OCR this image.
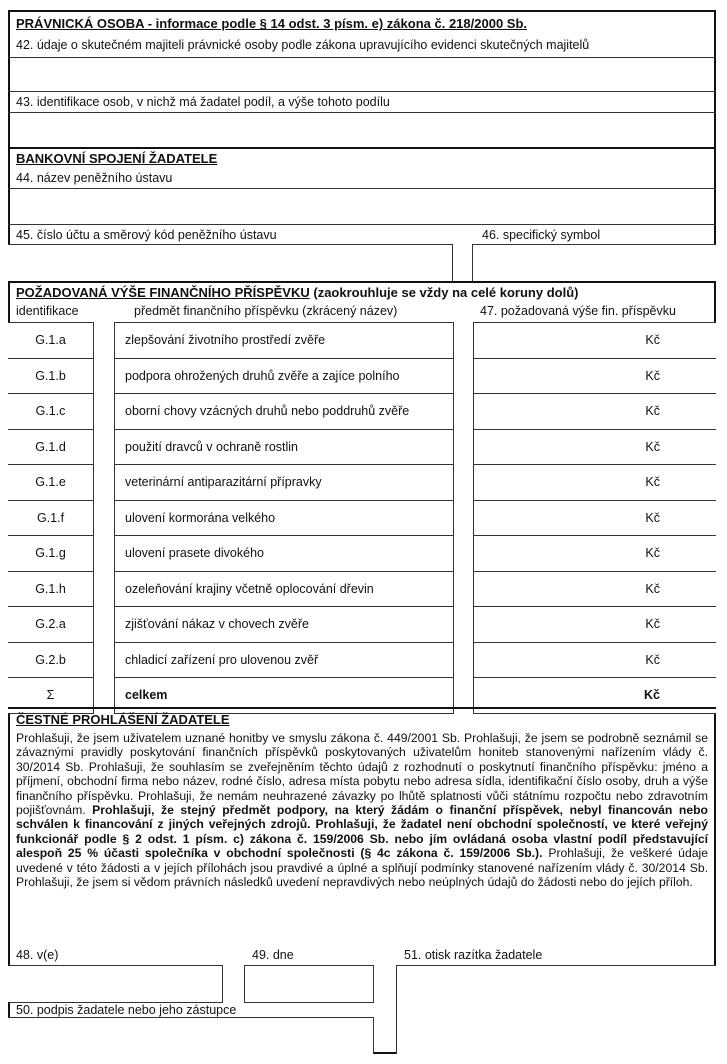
PRÁVNICKÁ OSOBA - informace podle § 14 odst. 3 písm. e) zákona č. 218/2000 Sb.
42. údaje o skutečném majiteli právnické osoby podle zákona upravujícího evidenci skutečných majitelů
43. identifikace osob, v nichž má žadatel podíl, a výše tohoto podílu
BANKOVNÍ SPOJENÍ ŽADATELE
44. název peněžního ústavu
45. číslo účtu a směrový kód peněžního ústavu	46. specifický symbol
POŽADOVANÁ VÝŠE FINANČNÍHO PŘÍSPĚVKU (zaokrouhluje se vždy na celé koruny dolů)
identifikace	předmět finančního příspěvku (zkrácený název)	47. požadovaná výše fin. příspěvku
G.1.a	zlepšování životního prostředí zvěře	Kč
G.1.b	podpora ohrožených druhů zvěře a zajíce polního	Kč
G.1.c	oborní chovy vzácných druhů nebo poddruhů zvěře	Kč
G.1.d	použití dravců v ochraně rostlin	Kč
G.1.e	veterinární antiparazitární přípravky	Kč
G.1.f	ulovení kormorána velkého	Kč
G.1.g	ulovení prasete divokého	Kč
G.1.h	ozeleňování krajiny včetně oplocování dřevin	Kč
G.2.a	zjišťování nákaz v chovech zvěře	Kč
G.2.b	chladicí zařízení pro ulovenou zvěř	Kč
Σ	celkem	Kč
ČESTNÉ PROHLÁŠENÍ ŽADATELE
Prohlašuji, že jsem uživatelem uznané honitby ve smyslu zákona č. 449/2001 Sb. Prohlašuji, že jsem se podrobně seznámil se závaznými pravidly poskytování finančních příspěvků poskytovaných uživatelům honiteb stanovenými nařízením vlády č. 30/2014 Sb. Prohlašuji, že souhlasím se zveřejněním těchto údajů z rozhodnutí o poskytnutí finančního příspěvku: jméno a příjmení, obchodní firma nebo název, rodné číslo, adresa místa pobytu nebo adresa sídla, identifikační číslo osoby, druh a výše finančního příspěvku. Prohlašuji, že nemám neuhrazené závazky po lhůtě splatnosti vůči státnímu rozpočtu nebo zdravotním pojišťovnám. Prohlašuji, že stejný předmět podpory, na který žádám o finanční příspěvek, nebyl financován nebo schválen k financování z jiných veřejných zdrojů. Prohlašuji, že žadatel není obchodní společností, ve které veřejný funkcionář podle § 2 odst. 1 písm. c) zákona č. 159/2006 Sb. nebo jím ovládaná osoba vlastní podíl představující alespoň 25 % účasti společníka v obchodní společnosti (§ 4c zákona č. 159/2006 Sb.). Prohlašuji, že veškeré údaje uvedené v této žádosti a v jejích přílohách jsou pravdivé a úplné a splňují podmínky stanovené nařízením vlády č. 30/2014 Sb. Prohlašuji, že jsem si vědom právních následků uvedení nepravdivých nebo neúplných údajů do žádosti nebo do jejích příloh.
48. v(e)	49. dne	51. otisk razítka žadatele
50. podpis žadatele nebo jeho zástupce
